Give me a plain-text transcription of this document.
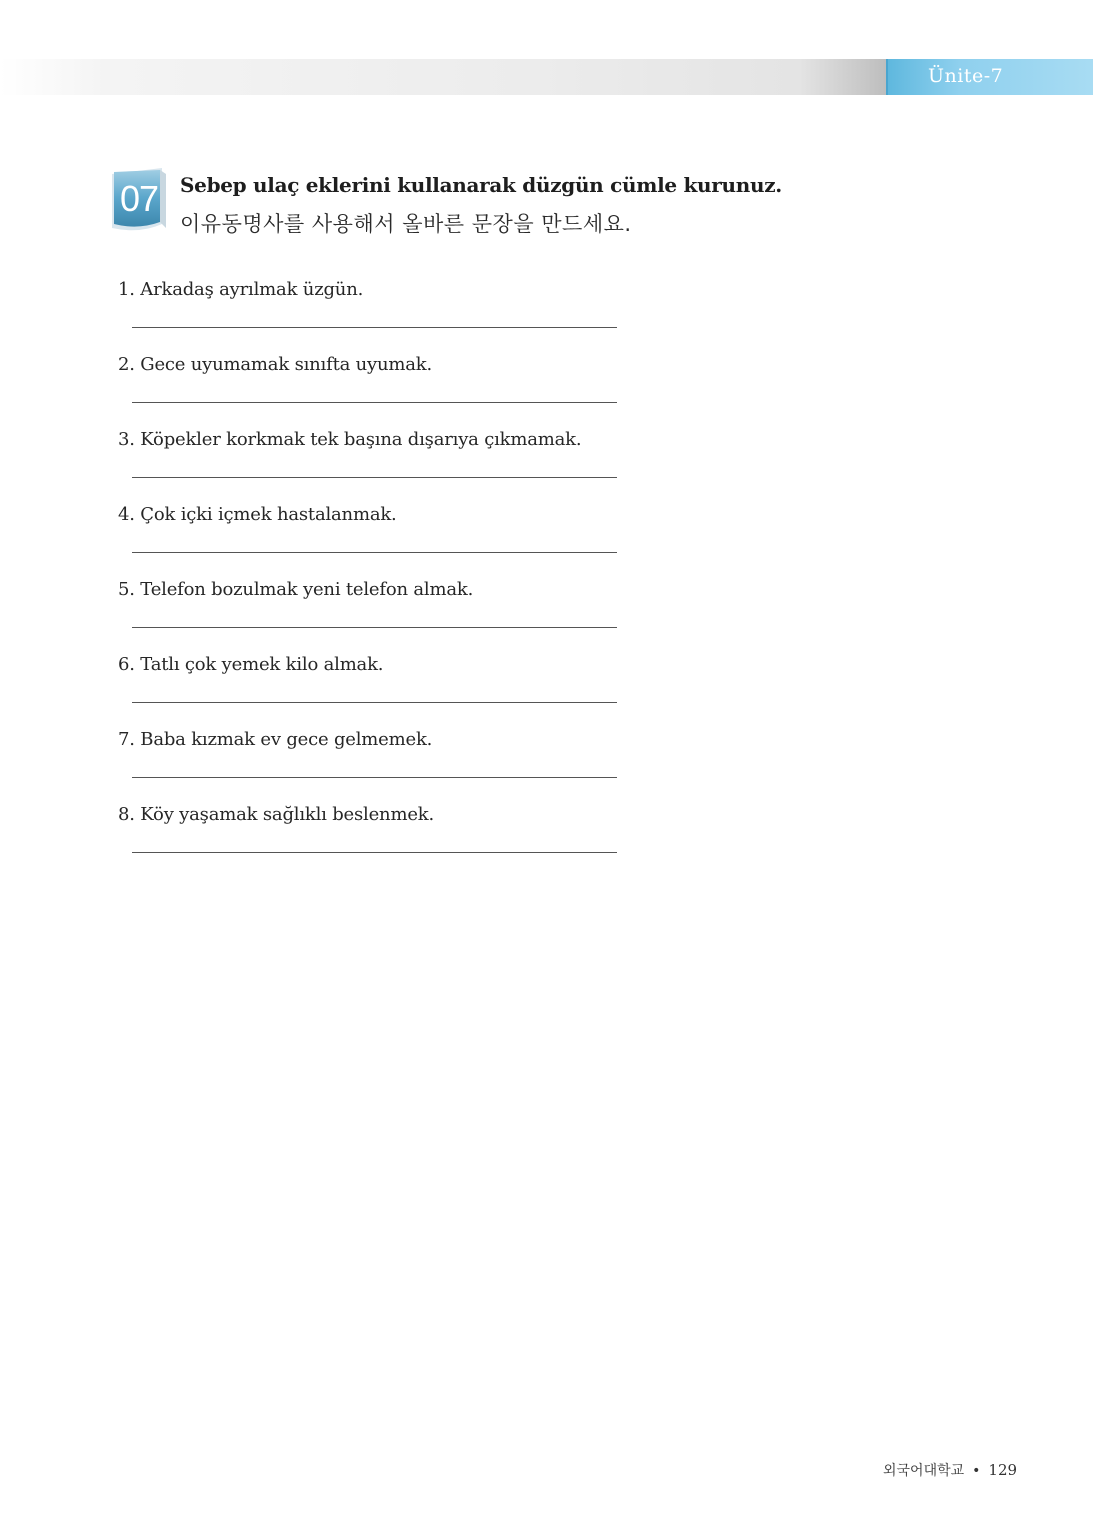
Ünite-7
07	Sebep ulaç eklerini kullanarak düzgün cümle kurunuz.
이유동명사를 사용해서 올바른 문장을 만드세요.
1. Arkadaş ayrılmak üzgün.
2. Gece uyumamak sınıfta uyumak.
3. Köpekler korkmak tek başına dışarıya çıkmamak.
4. Çok içki içmek hastalanmak.
5. Telefon bozulmak yeni telefon almak.
6. Tatlı çok yemek kilo almak.
7. Baba kızmak ev gece gelmemek.
8. Köy yaşamak sağlıklı beslenmek.
외국어대학교 • 129
